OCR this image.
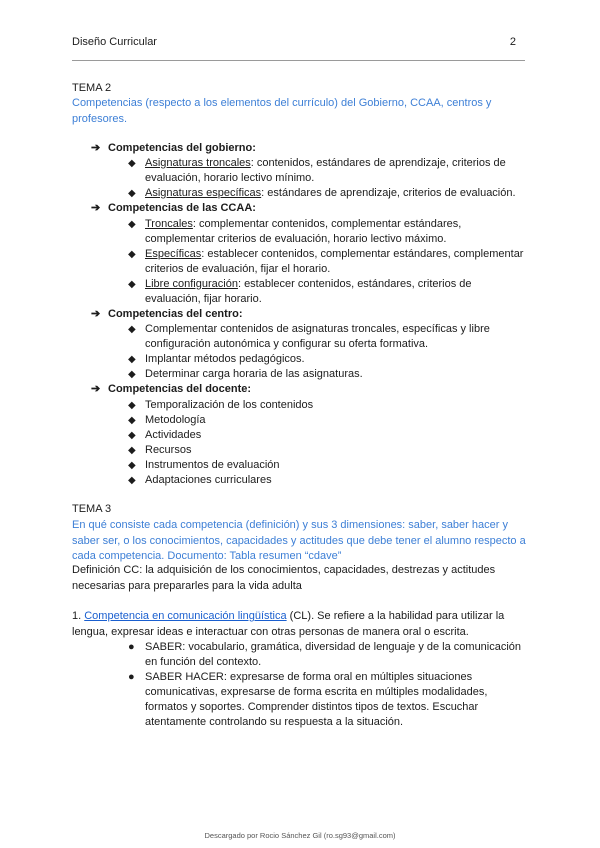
Diseño Curricular	2
TEMA 2
Competencias (respecto a los elementos del currículo) del Gobierno, CCAA, centros y profesores.
➔ Competencias del gobierno:
◆ Asignaturas troncales: contenidos, estándares de aprendizaje, criterios de evaluación, horario lectivo mínimo.
◆ Asignaturas específicas: estándares de aprendizaje, criterios de evaluación.
➔ Competencias de las CCAA:
◆ Troncales: complementar contenidos, complementar estándares, complementar criterios de evaluación, horario lectivo máximo.
◆ Específicas: establecer contenidos, complementar estándares, complementar criterios de evaluación, fijar el horario.
◆ Libre configuración: establecer contenidos, estándares, criterios de evaluación, fijar horario.
➔ Competencias del centro:
◆ Complementar contenidos de asignaturas troncales, específicas y libre configuración autonómica y configurar su oferta formativa.
◆ Implantar métodos pedagógicos.
◆ Determinar carga horaria de las asignaturas.
➔ Competencias del docente:
◆ Temporalización de los contenidos
◆ Metodología
◆ Actividades
◆ Recursos
◆ Instrumentos de evaluación
◆ Adaptaciones curriculares
TEMA 3
En qué consiste cada competencia (definición) y sus 3 dimensiones: saber, saber hacer y saber ser, o los conocimientos, capacidades y actitudes que debe tener el alumno respecto a cada competencia. Documento: Tabla resumen “cdave”
Definición CC: la adquisición de los conocimientos, capacidades, destrezas y actitudes necesarias para prepararles para la vida adulta
1. Competencia en comunicación lingüística (CL). Se refiere a la habilidad para utilizar la lengua, expresar ideas e interactuar con otras personas de manera oral o escrita.
● SABER: vocabulario, gramática, diversidad de lenguaje y de la comunicación en función del contexto.
● SABER HACER: expresarse de forma oral en múltiples situaciones comunicativas, expresarse de forma escrita en múltiples modalidades, formatos y soportes. Comprender distintos tipos de textos. Escuchar atentamente controlando su respuesta a la situación.
Descargado por Rocio Sánchez Gil (ro.sg93@gmail.com)
